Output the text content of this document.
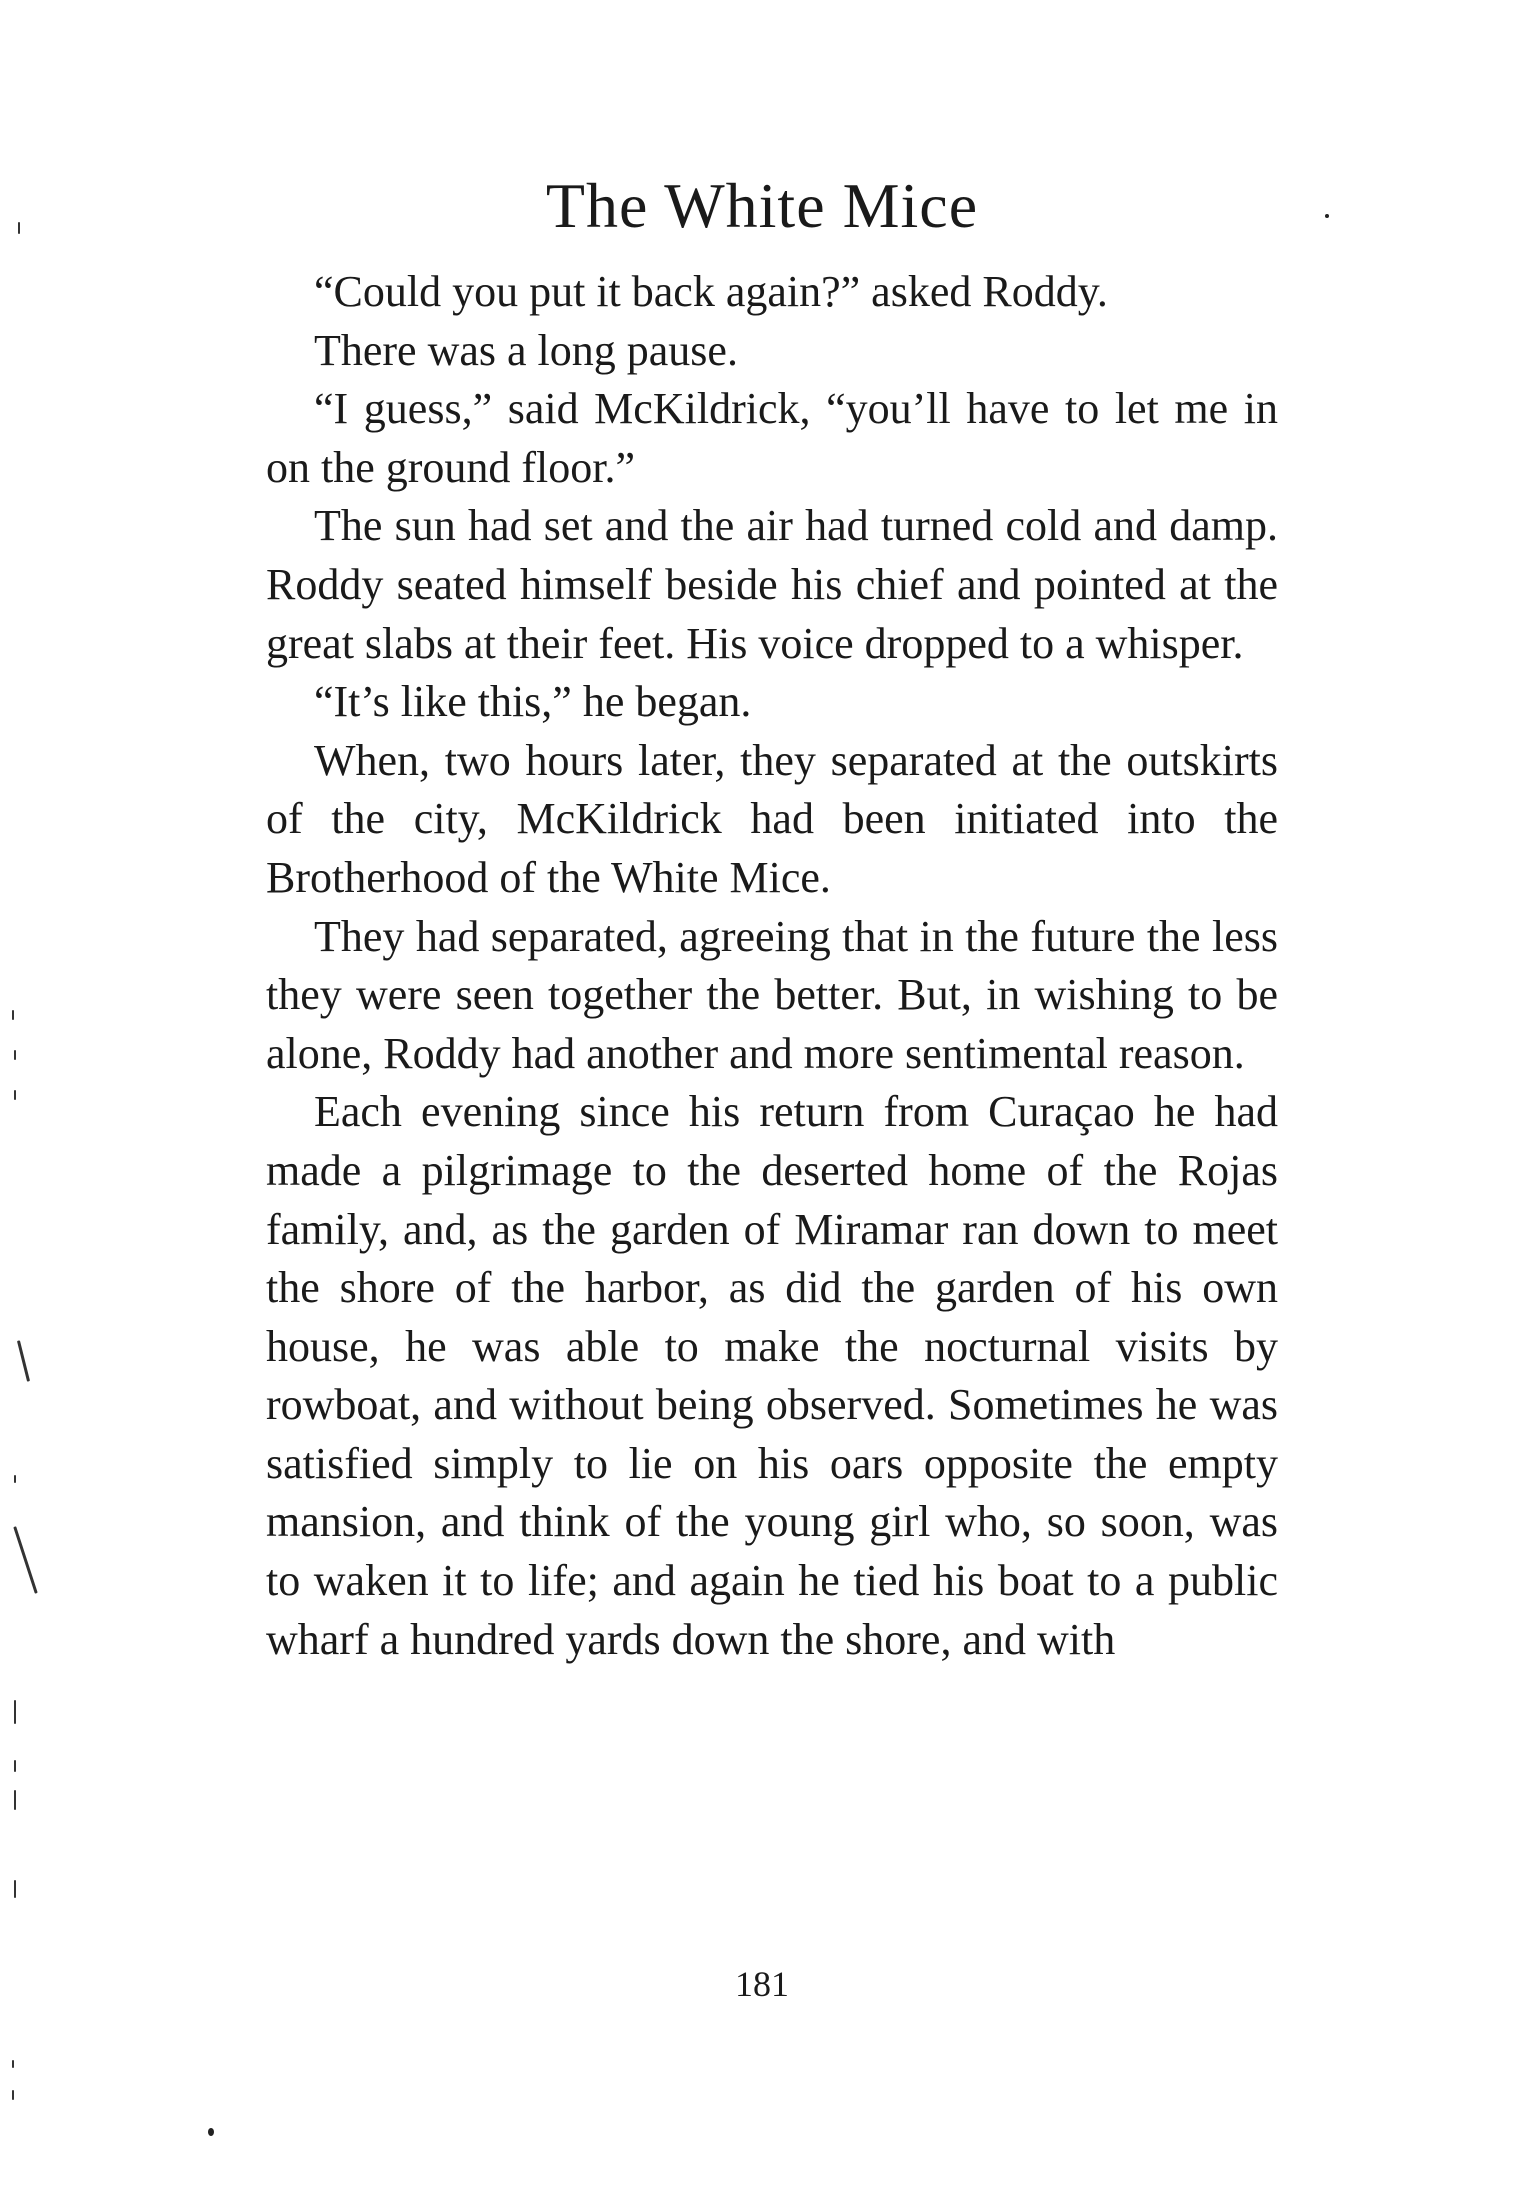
The White Mice

“Could you put it back again?” asked Roddy.

There was a long pause.

“I guess,” said McKildrick, “you’ll have to let me in on the ground floor.”

The sun had set and the air had turned cold and damp. Roddy seated himself beside his chief and pointed at the great slabs at their feet. His voice dropped to a whisper.

“It’s like this,” he began.

When, two hours later, they separated at the outskirts of the city, McKildrick had been initiated into the Brotherhood of the White Mice.

They had separated, agreeing that in the future the less they were seen together the better. But, in wishing to be alone, Roddy had another and more sentimental reason.

Each evening since his return from Curaçao he had made a pilgrimage to the deserted home of the Rojas family, and, as the garden of Miramar ran down to meet the shore of the harbor, as did the garden of his own house, he was able to make the nocturnal visits by rowboat, and without being observed. Sometimes he was satisfied simply to lie on his oars opposite the empty mansion, and think of the young girl who, so soon, was to waken it to life; and again he tied his boat to a public wharf a hundred yards down the shore, and with

181
